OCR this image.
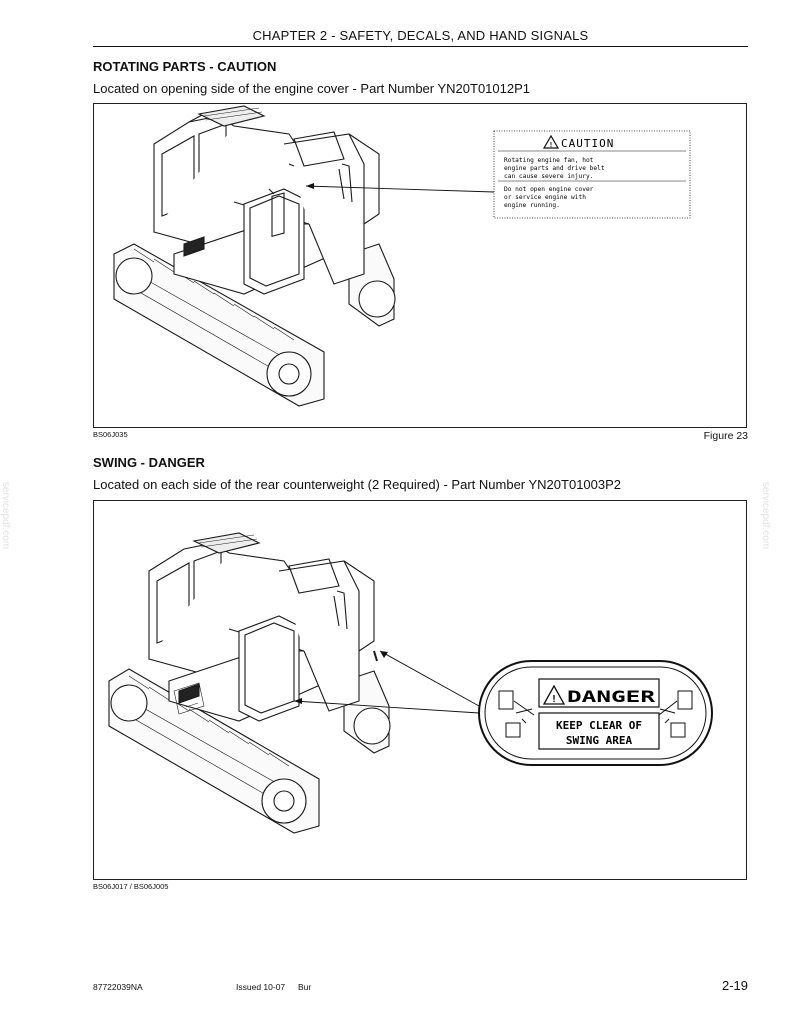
CHAPTER 2 - SAFETY, DECALS, AND HAND SIGNALS
ROTATING PARTS - CAUTION
Located on opening side of the engine cover - Part Number YN20T01012P1
! CAUTION
Rotating engine fan, hot
engine parts and drive belt
can cause severe injury.
Do not open engine cover
or service engine with
engine running.
BS06J035	Figure 23
SWING - DANGER
Located on each side of the rear counterweight (2 Required) - Part Number YN20T01003P2
! DANGER
KEEP CLEAR OF
SWING AREA
BS06J017 / BS06J005
servicepdf.com	servicepdf.com
87722039NA	Issued 10-07 Bur	2-19
